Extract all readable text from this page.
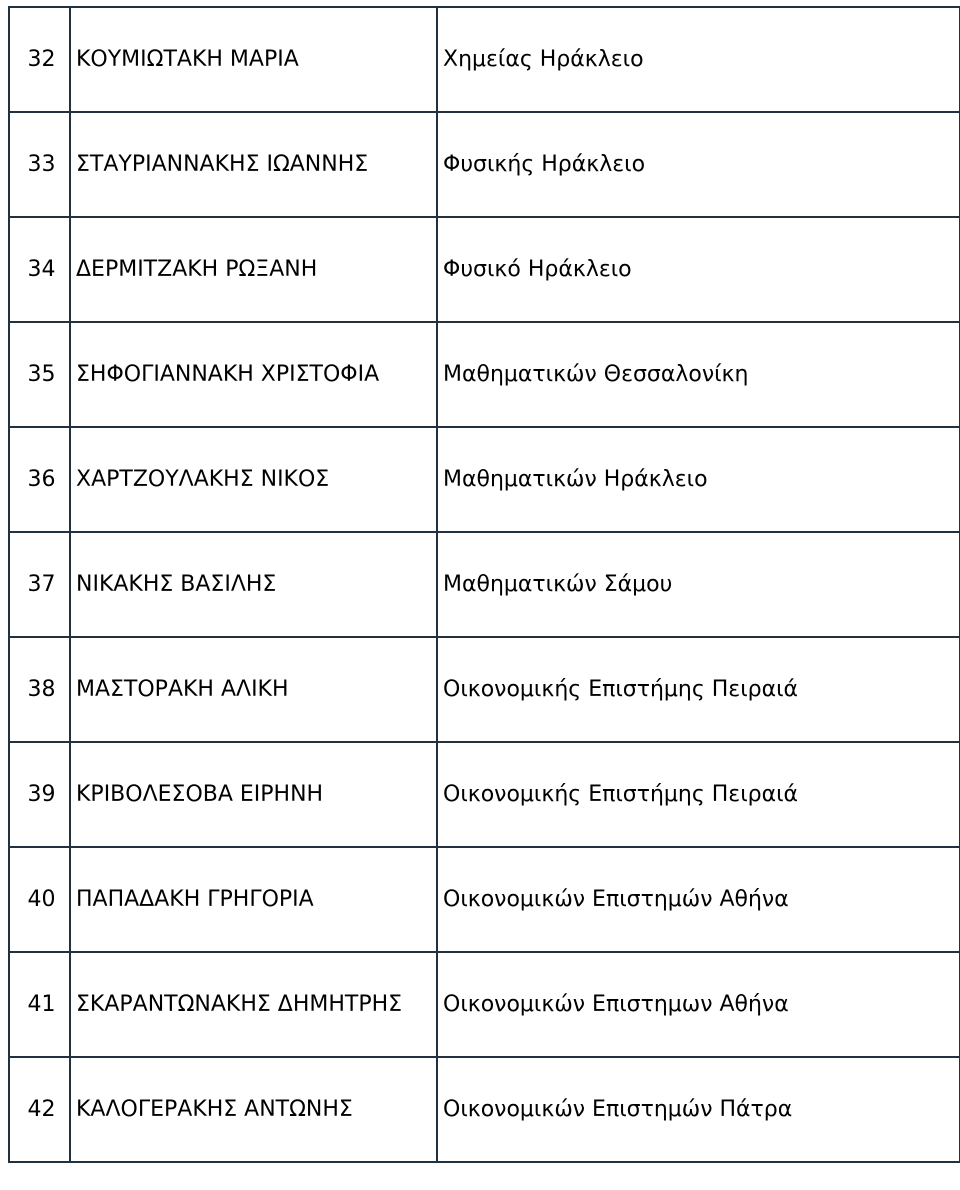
32	ΚΟΥΜΙΩΤΑΚΗ ΜΑΡΙΑ	Χημείας Ηράκλειο
33	ΣΤΑΥΡΙΑΝΝΑΚΗΣ ΙΩΑΝΝΗΣ	Φυσικής Ηράκλειο
34	ΔΕΡΜΙΤΖΑΚΗ ΡΩΞΑΝΗ	Φυσικό Ηράκλειο
35	ΣΗΦΟΓΙΑΝΝΑΚΗ ΧΡΙΣΤΟΦΙΑ	Μαθηματικών Θεσσαλονίκη
36	ΧΑΡΤΖΟΥΛΑΚΗΣ ΝΙΚΟΣ	Μαθηματικών Ηράκλειο
37	ΝΙΚΑΚΗΣ ΒΑΣΙΛΗΣ	Μαθηματικών Σάμου
38	ΜΑΣΤΟΡΑΚΗ ΑΛΙΚΗ	Οικονομικής Επιστήμης Πειραιά
39	ΚΡΙΒΟΛΕΣΟΒΑ ΕΙΡΗΝΗ	Οικονομικής Επιστήμης Πειραιά
40	ΠΑΠΑΔΑΚΗ ΓΡΗΓΟΡΙΑ	Οικονομικών Επιστημών Αθήνα
41	ΣΚΑΡΑΝΤΩΝΑΚΗΣ ΔΗΜΗΤΡΗΣ	Οικονομικών Επιστημων Αθήνα
42	ΚΑΛΟΓΕΡΑΚΗΣ ΑΝΤΩΝΗΣ	Οικονομικών Επιστημών Πάτρα
